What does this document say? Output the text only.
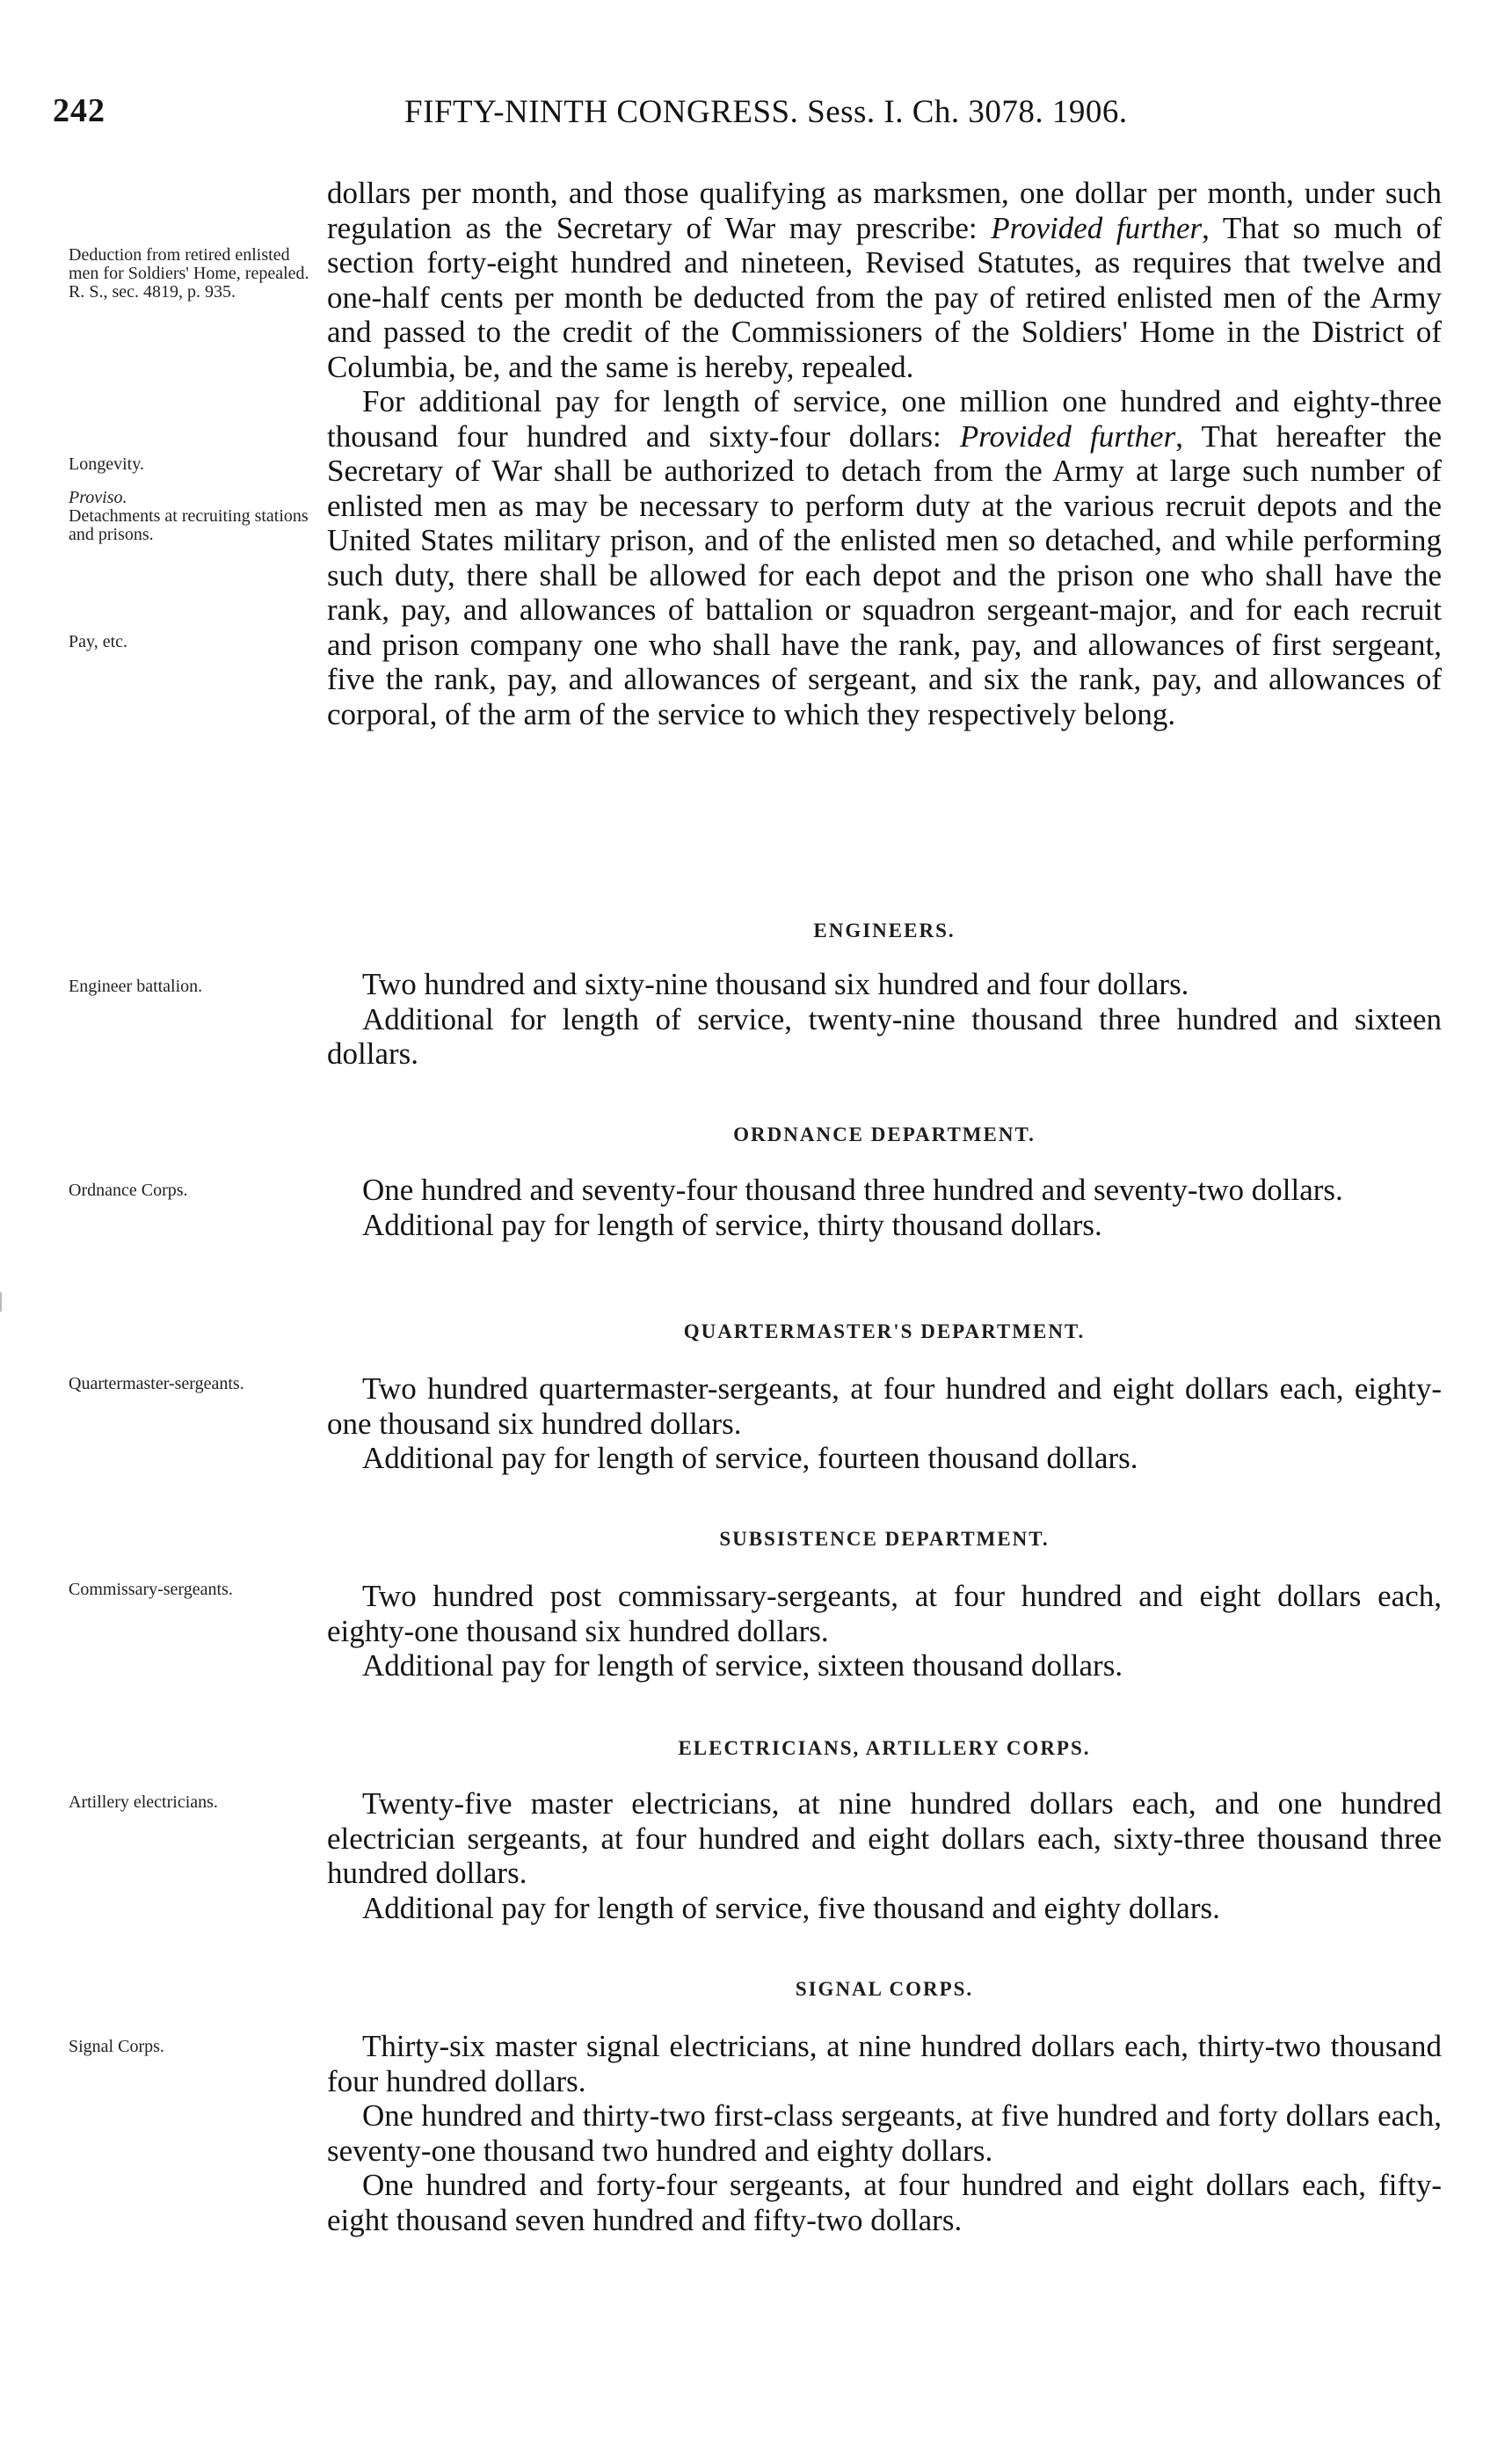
242	FIFTY-NINTH CONGRESS. Sess. I. Ch. 3078. 1906.
Deduction from retired enlisted men for Soldiers' Home, repealed.
R. S., sec. 4819, p. 935.
Longevity.
Proviso.
Detachments at recruiting stations and prisons.
Pay, etc.
Engineer battalion.
Ordnance Corps.
Quartermaster-sergeants.
Commissary-sergeants.
Artillery electricians.
Signal Corps.

dollars per month, and those qualifying as marksmen, one dollar per month, under such regulation as the Secretary of War may prescribe: Provided further, That so much of section forty-eight hundred and nineteen, Revised Statutes, as requires that twelve and one-half cents per month be deducted from the pay of retired enlisted men of the Army and passed to the credit of the Commissioners of the Soldiers' Home in the District of Columbia, be, and the same is hereby, repealed.

For additional pay for length of service, one million one hundred and eighty-three thousand four hundred and sixty-four dollars: Provided further, That hereafter the Secretary of War shall be authorized to detach from the Army at large such number of enlisted men as may be necessary to perform duty at the various recruit depots and the United States military prison, and of the enlisted men so detached, and while performing such duty, there shall be allowed for each depot and the prison one who shall have the rank, pay, and allowances of battalion or squadron sergeant-major, and for each recruit and prison company one who shall have the rank, pay, and allowances of first sergeant, five the rank, pay, and allowances of sergeant, and six the rank, pay, and allowances of corporal, of the arm of the service to which they respectively belong.

ENGINEERS.

Two hundred and sixty-nine thousand six hundred and four dollars.

Additional for length of service, twenty-nine thousand three hundred and sixteen dollars.

ORDNANCE DEPARTMENT.

One hundred and seventy-four thousand three hundred and seventy-two dollars.

Additional pay for length of service, thirty thousand dollars.

QUARTERMASTER'S DEPARTMENT.

Two hundred quartermaster-sergeants, at four hundred and eight dollars each, eighty-one thousand six hundred dollars.

Additional pay for length of service, fourteen thousand dollars.

SUBSISTENCE DEPARTMENT.

Two hundred post commissary-sergeants, at four hundred and eight dollars each, eighty-one thousand six hundred dollars.

Additional pay for length of service, sixteen thousand dollars.

ELECTRICIANS, ARTILLERY CORPS.

Twenty-five master electricians, at nine hundred dollars each, and one hundred electrician sergeants, at four hundred and eight dollars each, sixty-three thousand three hundred dollars.

Additional pay for length of service, five thousand and eighty dollars.

SIGNAL CORPS.

Thirty-six master signal electricians, at nine hundred dollars each, thirty-two thousand four hundred dollars.

One hundred and thirty-two first-class sergeants, at five hundred and forty dollars each, seventy-one thousand two hundred and eighty dollars.

One hundred and forty-four sergeants, at four hundred and eight dollars each, fifty-eight thousand seven hundred and fifty-two dollars.
